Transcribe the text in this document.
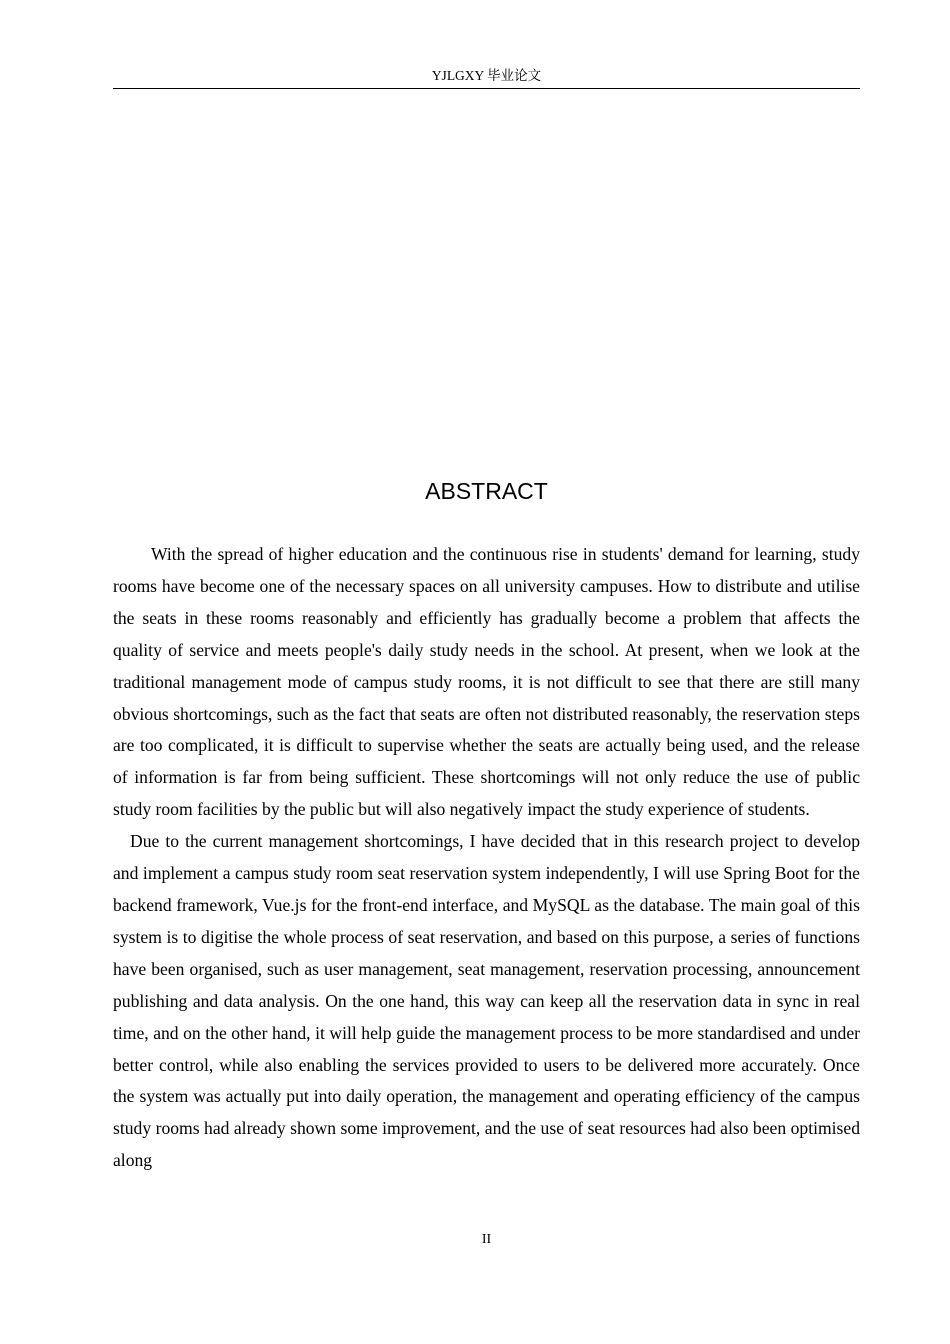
YJLGXY 毕业论文
ABSTRACT

With the spread of higher education and the continuous rise in students' demand for learning, study rooms have become one of the necessary spaces on all university campuses. How to distribute and utilise the seats in these rooms reasonably and efficiently has gradually become a problem that affects the quality of service and meets people's daily study needs in the school. At present, when we look at the traditional management mode of campus study rooms, it is not difficult to see that there are still many obvious shortcomings, such as the fact that seats are often not distributed reasonably, the reservation steps are too complicated, it is difficult to supervise whether the seats are actually being used, and the release of information is far from being sufficient. These shortcomings will not only reduce the use of public study room facilities by the public but will also negatively impact the study experience of students.

Due to the current management shortcomings, I have decided that in this research project to develop and implement a campus study room seat reservation system independently, I will use Spring Boot for the backend framework, Vue.js for the front-end interface, and MySQL as the database. The main goal of this system is to digitise the whole process of seat reservation, and based on this purpose, a series of functions have been organised, such as user management, seat management, reservation processing, announcement publishing and data analysis. On the one hand, this way can keep all the reservation data in sync in real time, and on the other hand, it will help guide the management process to be more standardised and under better control, while also enabling the services provided to users to be delivered more accurately. Once the system was actually put into daily operation, the management and operating efficiency of the campus study rooms had already shown some improvement, and the use of seat resources had also been optimised along

II
